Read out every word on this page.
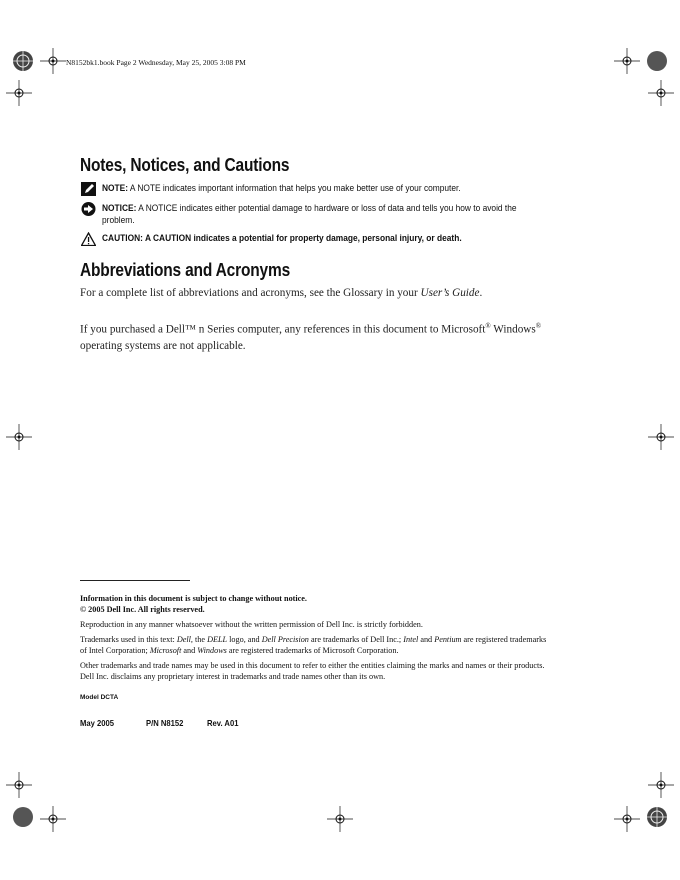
N8152bk1.book Page 2 Wednesday, May 25, 2005 3:08 PM
Notes, Notices, and Cautions
NOTE: A NOTE indicates important information that helps you make better use of your computer.
NOTICE: A NOTICE indicates either potential damage to hardware or loss of data and tells you how to avoid the
problem.
CAUTION: A CAUTION indicates a potential for property damage, personal injury, or death.
Abbreviations and Acronyms
For a complete list of abbreviations and acronyms, see the Glossary in your User’s Guide.
If you purchased a Dell™ n Series computer, any references in this document to Microsoft® Windows®
operating systems are not applicable.
Information in this document is subject to change without notice.
© 2005 Dell Inc. All rights reserved.
Reproduction in any manner whatsoever without the written permission of Dell Inc. is strictly forbidden.
Trademarks used in this text: Dell, the DELL logo, and Dell Precision are trademarks of Dell Inc.; Intel and Pentium are registered trademarks
of Intel Corporation; Microsoft and Windows are registered trademarks of Microsoft Corporation.
Other trademarks and trade names may be used in this document to refer to either the entities claiming the marks and names or their products.
Dell Inc. disclaims any proprietary interest in trademarks and trade names other than its own.
Model DCTA
May 2005	P/N N8152	Rev. A01
